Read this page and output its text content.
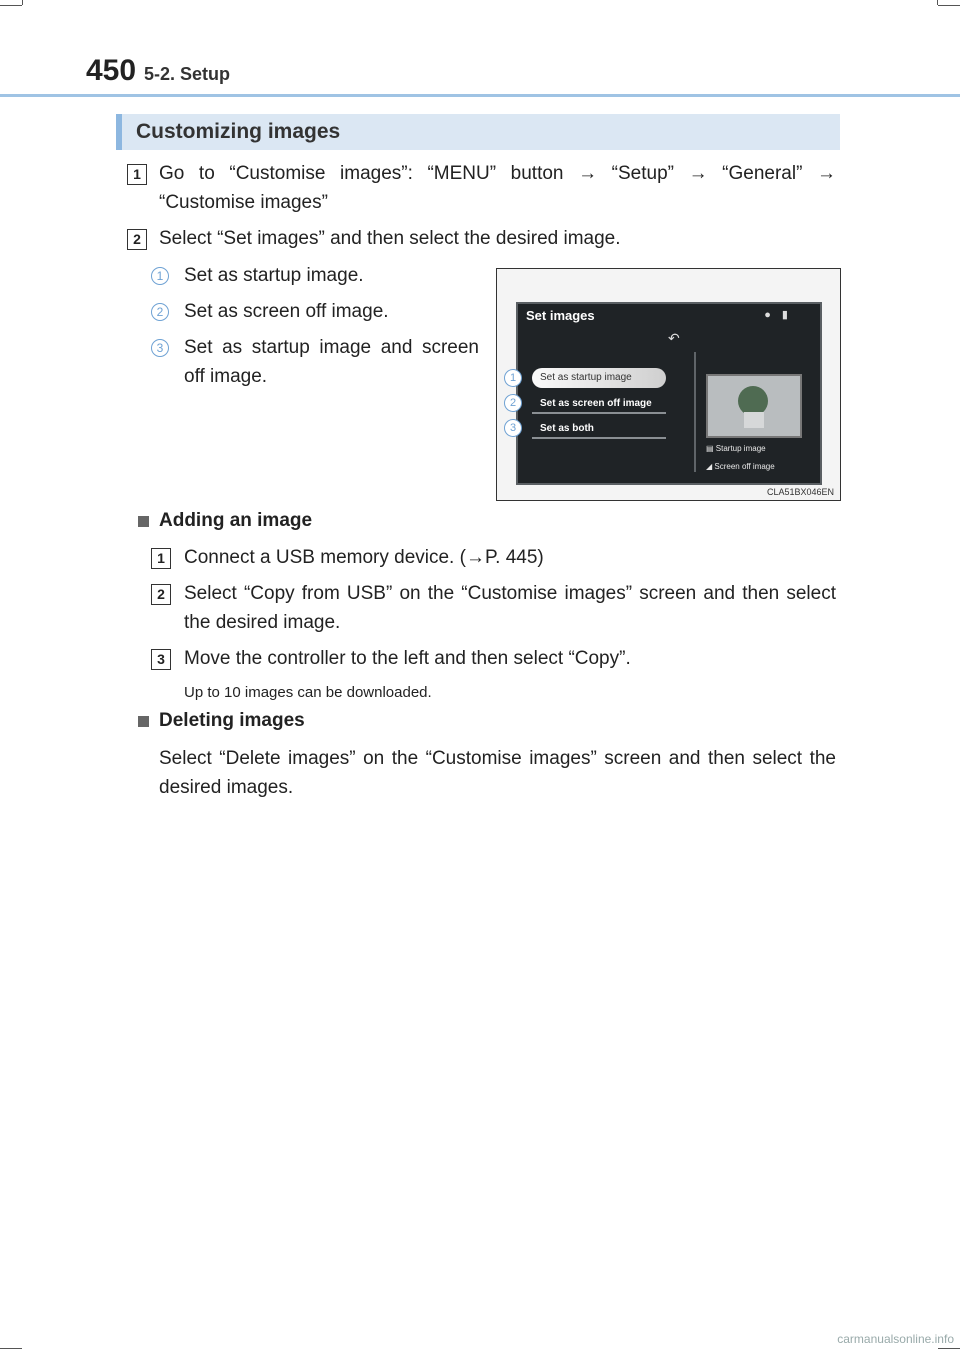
450 5-2. Setup
Customizing images
1 Go to “Customise images”: “MENU” button → “Setup” → “General” → “Customise images”
2 Select “Set images” and then select the desired image.
1 Set as startup image.
2 Set as screen off image.
3 Set as startup image and screen off image.
Set images	● ▮
↶
Set as startup image
Set as screen off image
Set as both
▤ Startup image
◢ Screen off image
1
2
3
CLA51BX046EN
Adding an image
1	Connect a USB memory device. (→P. 445)
2	Select “Copy from USB” on the “Customise images” screen and then select the desired image.
3	Move the controller to the left and then select “Copy”.
Up to 10 images can be downloaded.
Deleting images
Select “Delete images” on the “Customise images” screen and then select the desired images.
carmanualsonline.info
